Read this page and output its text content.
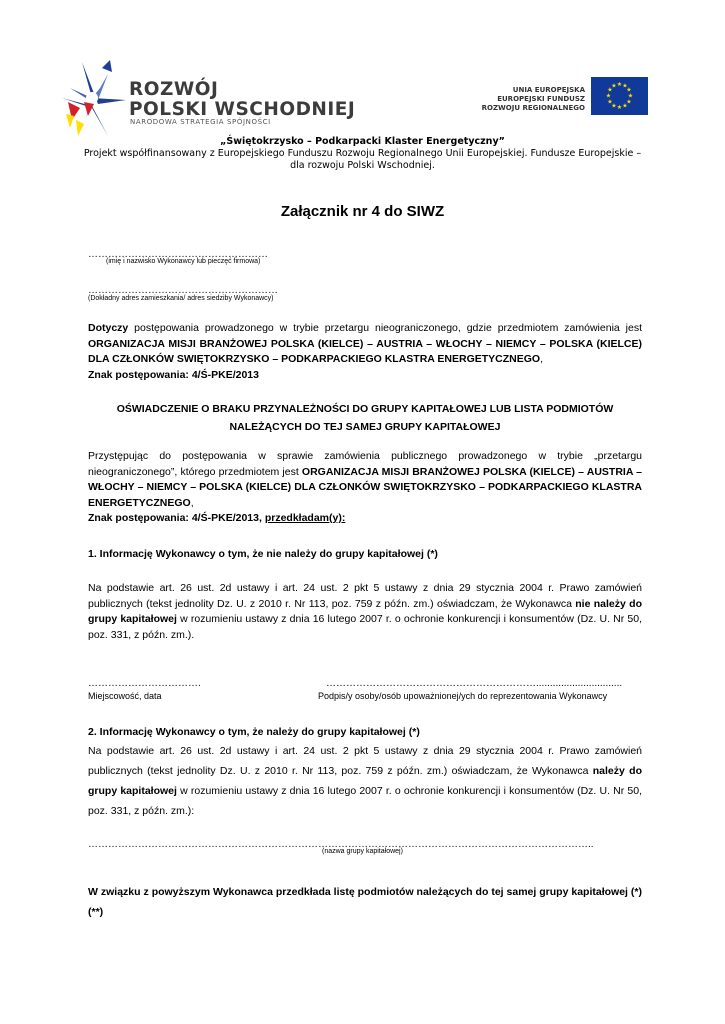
ROZWÓJ
POLSKI WSCHODNIEJ
NARODOWA STRATEGIA SPÓJNOŚCI
UNIA EUROPEJSKA
EUROPEJSKI FUNDUSZ
ROZWOJU REGIONALNEGO
★ ★
★
★
★
★
★
★
★
★
★
★
„Świętokrzysko – Podkarpacki Klaster Energetyczny”
Projekt współfinansowany z Europejskiego Funduszu Rozwoju Regionalnego Unii Europejskiej. Fundusze Europejskie –
dla rozwoju Polski Wschodniej.
Załącznik nr 4 do SIWZ
………………………………………………
(imię i nazwisko Wykonawcy lub pieczęć firmowa)
…………………………………………………
(Dokładny adres zamieszkania/ adres siedziby Wykonawcy)
Dotyczy postępowania prowadzonego w trybie przetargu nieograniczonego, gdzie przedmiotem zamówienia jest ORGANIZACJA MISJI BRANŻOWEJ POLSKA (KIELCE) – AUSTRIA – WŁOCHY – NIEMCY – POLSKA (KIELCE) DLA CZŁONKÓW SWIĘTOKRZYSKO – PODKARPACKIEGO KLASTRA ENERGETYCZNEGO,
Znak postępowania: 4/Ś-PKE/2013
OŚWIADCZENIE O BRAKU PRZYNALEŻNOŚCI DO GRUPY KAPITAŁOWEJ LUB LISTA PODMIOTÓW
NALEŻĄCYCH DO TEJ SAMEJ GRUPY KAPITAŁOWEJ
Przystępując do postępowania w sprawie zamówienia publicznego prowadzonego w trybie „przetargu nieograniczonego”, którego przedmiotem jest ORGANIZACJA MISJI BRANŻOWEJ POLSKA (KIELCE) – AUSTRIA – WŁOCHY – NIEMCY – POLSKA (KIELCE) DLA CZŁONKÓW SWIĘTOKRZYSKO – PODKARPACKIEGO KLASTRA ENERGETYCZNEGO,
Znak postępowania: 4/Ś-PKE/2013, przedkładam(y):
1. Informację Wykonawcy o tym, że nie należy do grupy kapitałowej (*)
Na podstawie art. 26 ust. 2d ustawy i art. 24 ust. 2 pkt 5 ustawy z dnia 29 stycznia 2004 r. Prawo zamówień publicznych (tekst jednolity Dz. U. z 2010 r. Nr 113, poz. 759 z późn. zm.) oświadczam, że Wykonawca nie należy do grupy kapitałowej w rozumieniu ustawy z dnia 16 lutego 2007 r. o ochronie konkurencji i konsumentów (Dz. U. Nr 50, poz. 331, z późn. zm.).
…………………………….	………………………………………………………...............................
Miejscowość, data	Podpis/y osoby/osób upoważnionej/ych do reprezentowania Wykonawcy
2. Informację Wykonawcy o tym, że należy do grupy kapitałowej (*)
Na podstawie art. 26 ust. 2d ustawy i art. 24 ust. 2 pkt 5 ustawy z dnia 29 stycznia 2004 r. Prawo zamówień publicznych (tekst jednolity Dz. U. z 2010 r. Nr 113, poz. 759 z późn. zm.) oświadczam, że Wykonawca należy do grupy kapitałowej w rozumieniu ustawy z dnia 16 lutego 2007 r. o ochronie konkurencji i konsumentów (Dz. U. Nr 50, poz. 331, z późn. zm.):
……………………………………………………………………………………………………………………………………..
(nazwa grupy kapitałowej)
W związku z powyższym Wykonawca przedkłada listę podmiotów należących do tej samej grupy kapitałowej (*) (**)
